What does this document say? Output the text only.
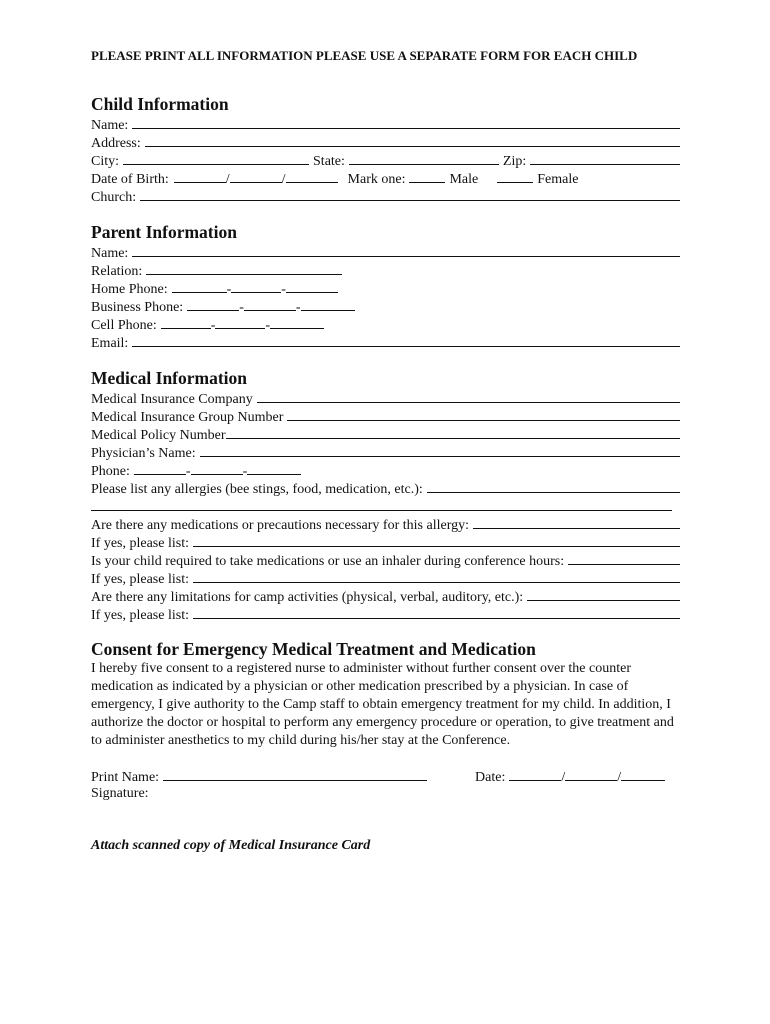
PLEASE PRINT ALL INFORMATION PLEASE USE A SEPARATE FORM FOR EACH CHILD
Child Information
Name:
Address:
City:	State:	Zip:
Date of Birth:	/	/	Mark one:	Male	Female
Church:
Parent Information
Name:
Relation:
Home Phone:	-	-
Business Phone:	-	-
Cell Phone:	-	-
Email:
Medical Information
Medical Insurance Company
Medical Insurance Group Number
Medical Policy Number
Physician’s Name:
Phone:	-	-
Please list any allergies (bee stings, food, medication, etc.):
Are there any medications or precautions necessary for this allergy:
If yes, please list:
Is your child required to take medications or use an inhaler during conference hours:
If yes, please list:
Are there any limitations for camp activities (physical, verbal, auditory, etc.):
If yes, please list:
Consent for Emergency Medical Treatment and Medication
I hereby five consent to a registered nurse to administer without further consent over the counter medication as indicated by a physician or other medication prescribed by a physician. In case of emergency, I give authority to the Camp staff to obtain emergency treatment for my child. In addition, I authorize the doctor or hospital to perform any emergency procedure or operation, to give treatment and to administer anesthetics to my child during his/her stay at the Conference.
Print Name:	Date:	/	/
Signature:
Attach scanned copy of Medical Insurance Card
